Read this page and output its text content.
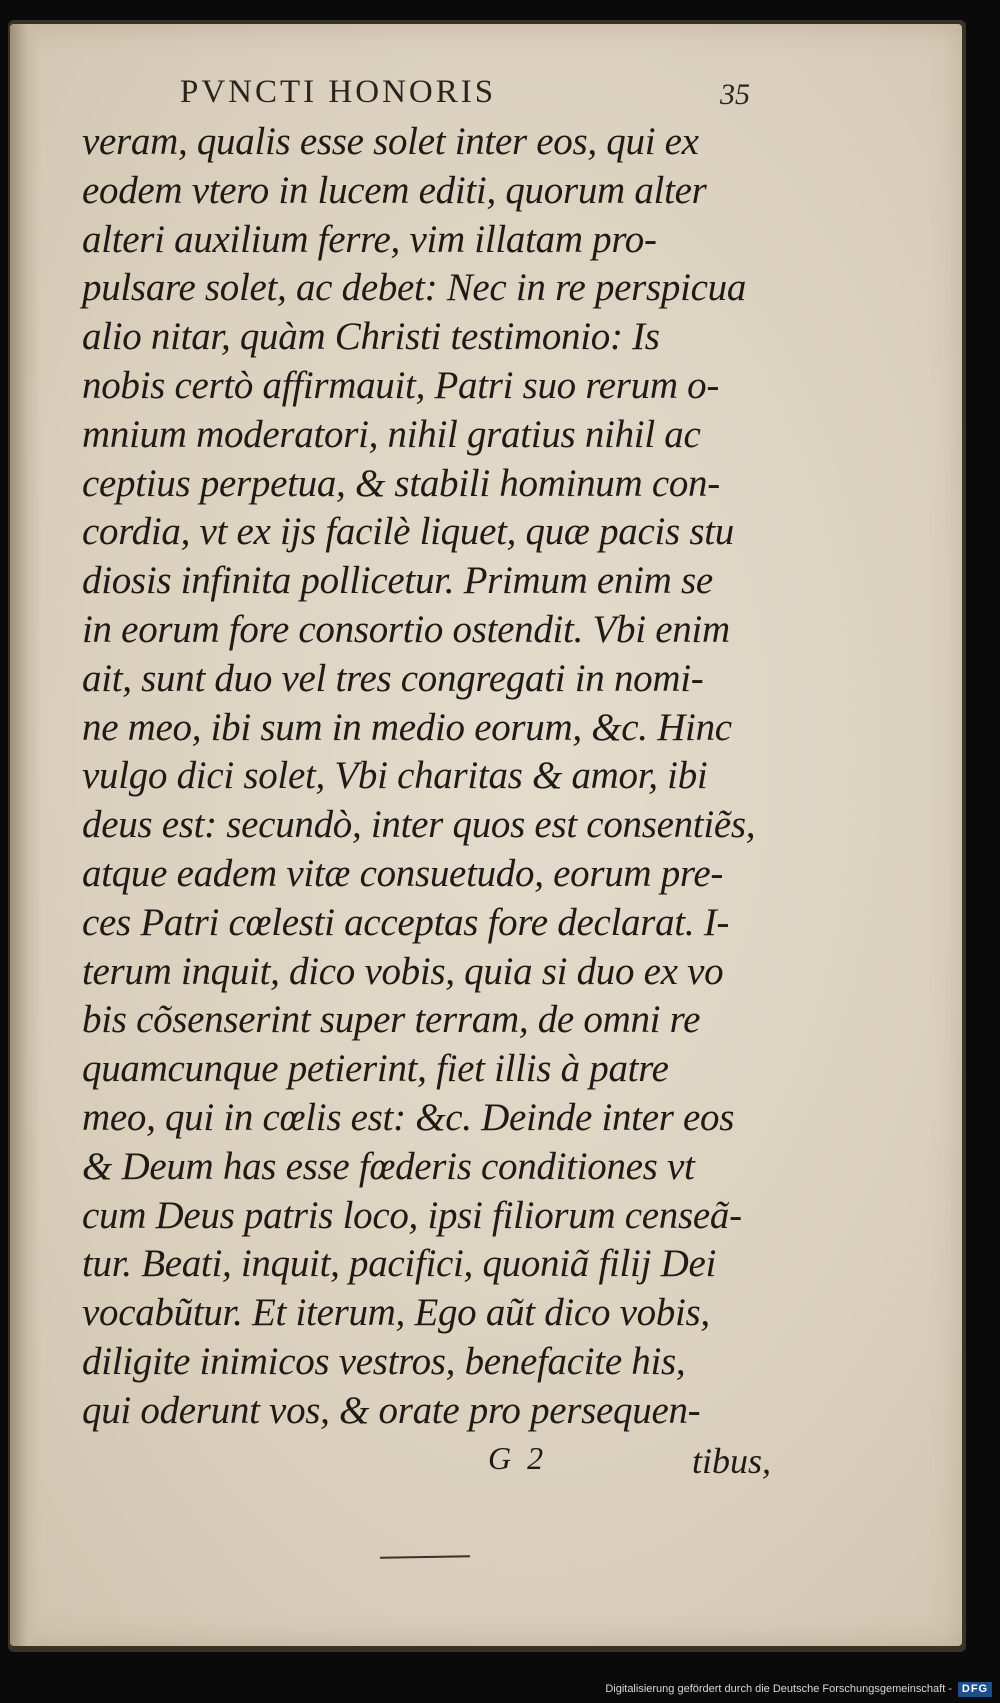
PVNCTI HONORIS	35
veram, qualis esse solet inter eos, qui ex
eodem vtero in lucem editi, quorum alter
alteri auxilium ferre, vim illatam pro-
pulsare solet, ac debet: Nec in re perspicua
alio nitar, quàm Christi testimonio: Is
nobis certò affirmauit, Patri suo rerum o-
mnium moderatori, nihil gratius nihil ac
ceptius perpetua, & stabili hominum con-
cordia, vt ex ijs facilè liquet, quæ pacis stu
diosis infinita pollicetur. Primum enim se
in eorum fore consortio ostendit. Vbi enim
ait, sunt duo vel tres congregati in nomi-
ne meo, ibi sum in medio eorum, &c. Hinc
vulgo dici solet, Vbi charitas & amor, ibi
deus est: secundò, inter quos est consentiẽs,
atque eadem vitæ consuetudo, eorum pre-
ces Patri cœlesti acceptas fore declarat. I-
terum inquit, dico vobis, quia si duo ex vo
bis cõsenserint super terram, de omni re
quamcunque petierint, fiet illis à patre
meo, qui in cœlis est: &c. Deinde inter eos
& Deum has esse fœderis conditiones vt
cum Deus patris loco, ipsi filiorum censeã-
tur. Beati, inquit, pacifici, quoniã filij Dei
vocabũtur. Et iterum, Ego aũt dico vobis,
diligite inimicos vestros, benefacite his,
qui oderunt vos, & orate pro persequen-
G 2	tibus,
Digitalisierung gefördert durch die Deutsche Forschungsgemeinschaft - DFG
